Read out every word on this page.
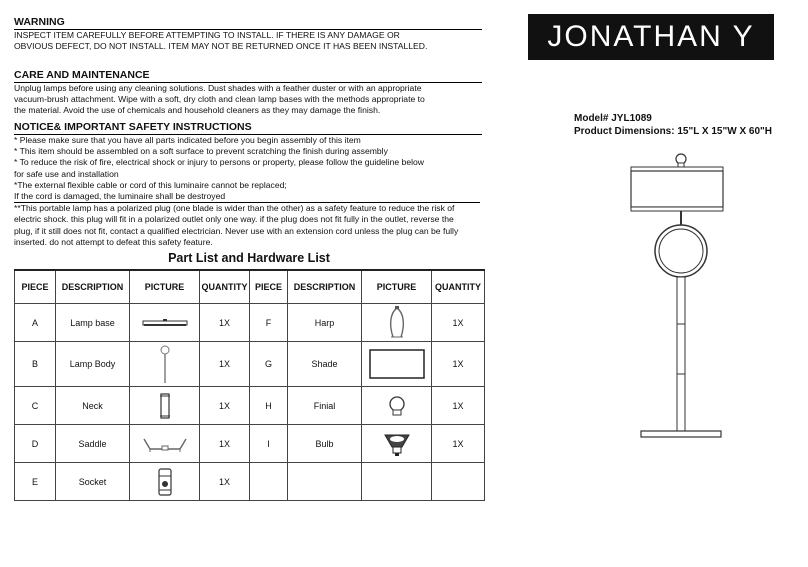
WARNING
INSPECT ITEM CAREFULLY BEFORE ATTEMPTING TO INSTALL. IF THERE IS ANY DAMAGE OR
OBVIOUS DEFECT, DO NOT INSTALL. ITEM MAY NOT BE RETURNED ONCE IT HAS BEEN INSTALLED.
CARE AND MAINTENANCE
Unplug lamps before using any cleaning solutions. Dust shades with a feather duster or with an appropriate
vacuum-brush attachment. Wipe with a soft, dry cloth and clean lamp bases with the methods appropriate to
the material. Avoid the use of chemicals and household cleaners as they may damage the finish.
NOTICE& IMPORTANT SAFETY INSTRUCTIONS
* Please make sure that you have all parts indicated before you begin assembly of this item
* This item should be assembled on a soft surface to prevent scratching the finish during assembly
* To reduce the risk of fire, electrical shock or injury to persons or property, please follow the guideline below
for safe use and installation
*The external flexible cable or cord of this luminaire cannot be replaced;
If the cord is damaged, the luminaire shall be destroyed
**This portable lamp has a polarized plug (one blade is wider than the other) as a safety feature to reduce the risk of
electric shock. this plug will fit in a polarized outlet only one way. if the plug does not fit fully in the outlet, reverse the
plug, if it still does not fit, contact a qualified electrician. Never use with an extension cord unless the plug can be fully
inserted. do not attempt to defeat this safety feature.
JONATHAN Y
Model# JYL1089
Product Dimensions: 15"L X 15"W X 60"H
Part List and Hardware List
PIECE	DESCRIPTION	PICTURE	QUANTITY	PIECE	DESCRIPTION	PICTURE	QUANTITY
A	Lamp base		1X	F	Harp		1X
B	Lamp Body		1X	G	Shade		1X
C	Neck		1X	H	Finial		1X
D	Saddle		1X	I	Bulb		1X
E	Socket		1X				
